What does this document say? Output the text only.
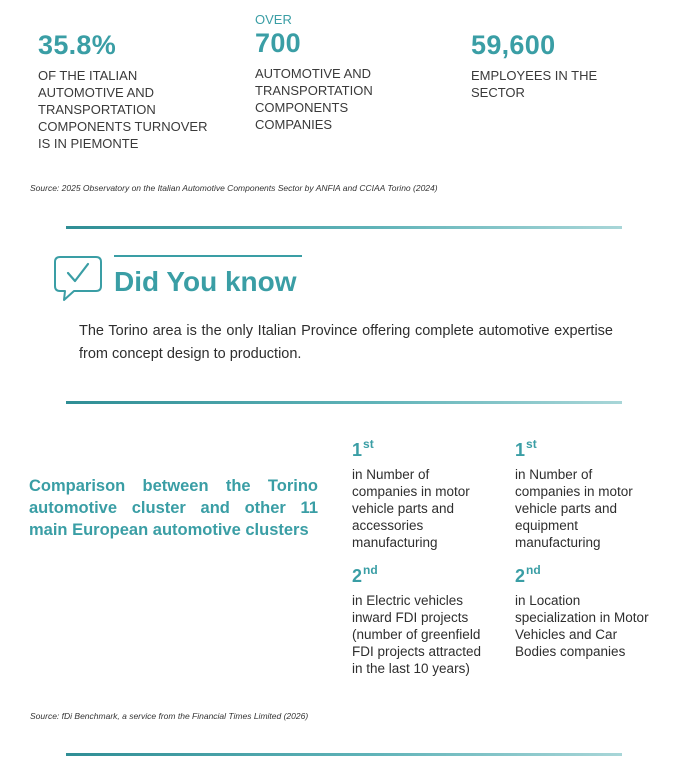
35.8%
OF THE ITALIAN AUTOMOTIVE AND TRANSPORTATION COMPONENTS TURNOVER IS IN PIEMONTE
OVER
700
AUTOMOTIVE AND TRANSPORTATION COMPONENTS COMPANIES
59,600
EMPLOYEES IN THE SECTOR
Source: 2025 Observatory on the Italian Automotive Components Sector by ANFIA and CCIAA Torino (2024)
Did You know
The Torino area is the only Italian Province offering complete automotive expertise from concept design to production.
Comparison between the Torino automotive cluster and other 11 main European automotive clusters
1st
in Number of companies in motor vehicle parts and accessories manufacturing
1st
in Number of companies in motor vehicle parts and equipment manufacturing
2nd
in Electric vehicles inward FDI projects (number of greenfield FDI projects attracted in the last 10 years)
2nd
in Location specialization in Motor Vehicles and Car Bodies companies
Source: fDi Benchmark, a service from the Financial Times Limited (2026)
